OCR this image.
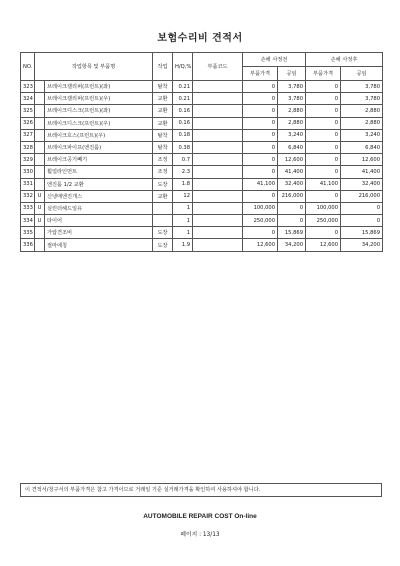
보험수리비 견적서
NO.	작업항목 및 부품명		작업	H/Q,%	부품코드	손해 사정전		손해 사정후	
						부품가격	공임	부품가격	공임
323		브레이크캘리퍼(프런트)(좌)	탈착	0.21		0	3,780	0	3,780
324		브레이크캘리퍼(프런트)(우)	교환	0.21		0	3,780	0	3,780
325		브레이크디스크(프런트)(좌)	교환	0.16		0	2,880	0	2,880
326		브레이크디스크(프런트)(우)	교환	0.16		0	2,880	0	2,880
327		브레이크호스(프런트)(우)	탈착	0.18		0	3,240	0	3,240
328		브레이크파이프(엔진룸)	탈착	0.38		0	6,840	0	6,840
329		브레이크공기빼기	조정	0.7		0	12,600	0	12,600
330		휠얼라인먼트	조정	2.3		0	41,400	0	41,400
331		엔진룸 1/2 교환	도장	1.8		41,100	32,400	41,100	32,400
332	U	신냉매엔진개스	교환	12		0	216,000	0	216,000
333	U	실린더헤드일유		1		100,000	0	100,000	0
334	U	타이어		1		250,000	0	250,000	0
335		가압견조비	도장	1		0	15,869	0	15,869
336		절마에칭	도장	1.9		12,600	34,200	12,600	34,200
이 견적서/청구서의 부품가격은 참고 가격이므로 거래일 기준 실거래가격을 확인하여 사용하셔야 합니다.
AUTOMOBILE REPAIR COST On-line
페이지 : 13/13
